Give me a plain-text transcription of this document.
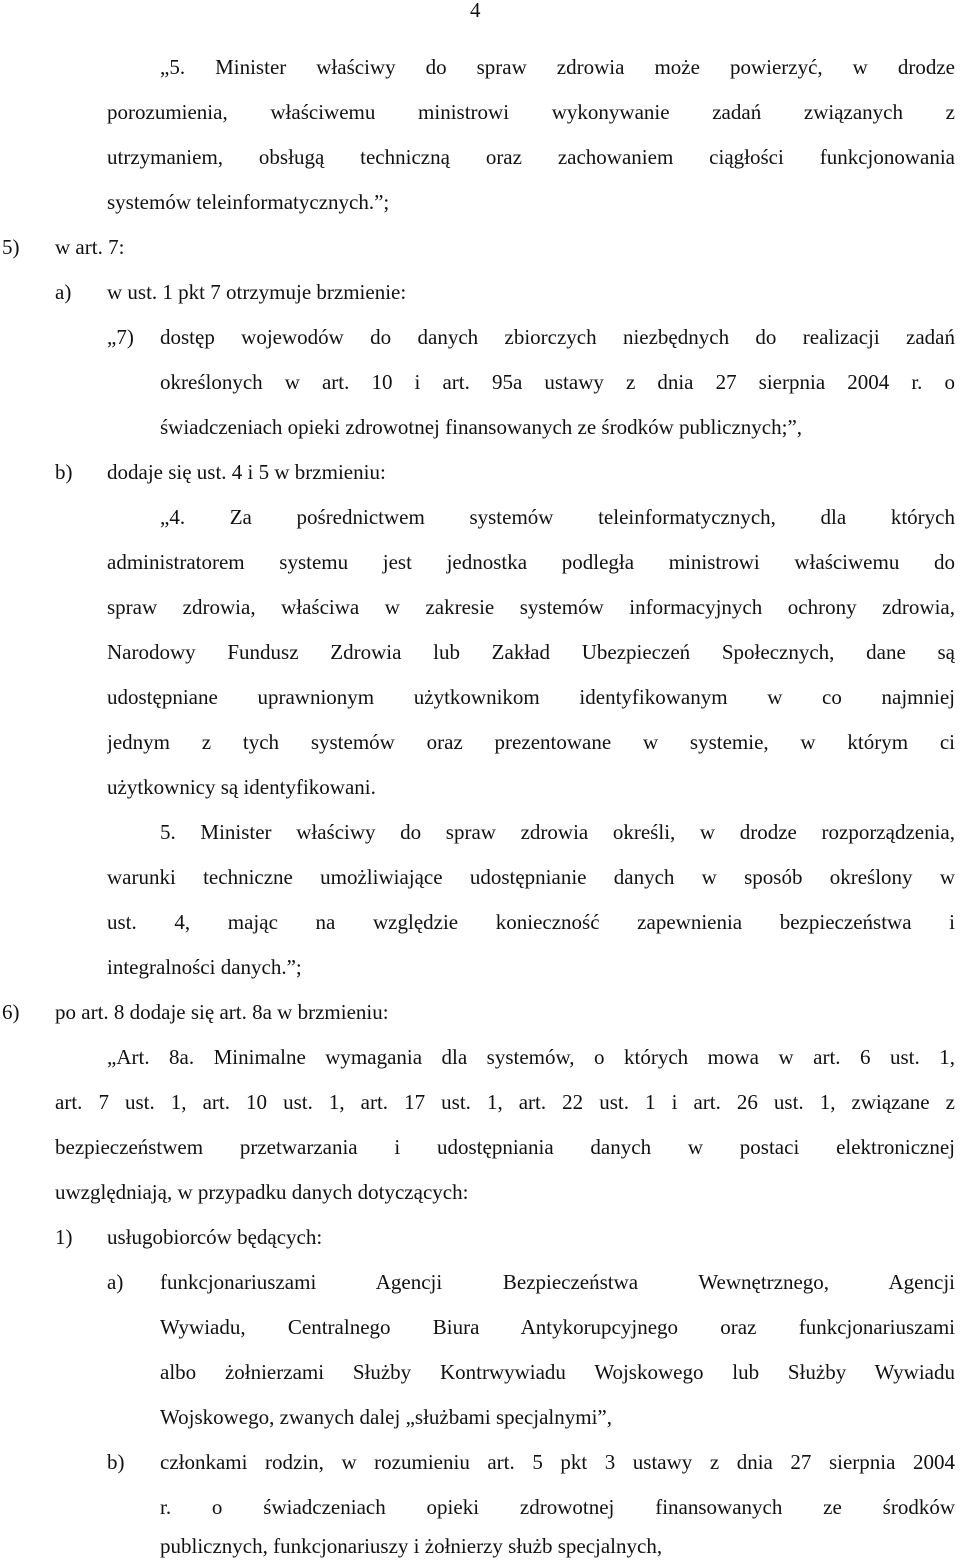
4
„5. Minister właściwy do spraw zdrowia może powierzyć, w drodze
porozumienia, właściwemu ministrowi wykonywanie zadań związanych z
utrzymaniem, obsługą techniczną oraz zachowaniem ciągłości funkcjonowania
systemów teleinformatycznych.”;
5) w art. 7:
a) w ust. 1 pkt 7 otrzymuje brzmienie:
„7) dostęp wojewodów do danych zbiorczych niezbędnych do realizacji zadań
określonych w art. 10 i art. 95a ustawy z dnia 27 sierpnia 2004 r. o
świadczeniach opieki zdrowotnej finansowanych ze środków publicznych;”,
b) dodaje się ust. 4 i 5 w brzmieniu:
„4. Za pośrednictwem systemów teleinformatycznych, dla których
administratorem systemu jest jednostka podległa ministrowi właściwemu do
spraw zdrowia, właściwa w zakresie systemów informacyjnych ochrony zdrowia,
Narodowy Fundusz Zdrowia lub Zakład Ubezpieczeń Społecznych, dane są
udostępniane uprawnionym użytkownikom identyfikowanym w co najmniej
jednym z tych systemów oraz prezentowane w systemie, w którym ci
użytkownicy są identyfikowani.
5. Minister właściwy do spraw zdrowia określi, w drodze rozporządzenia,
warunki techniczne umożliwiające udostępnianie danych w sposób określony w
ust. 4, mając na względzie konieczność zapewnienia bezpieczeństwa i
integralności danych.”;
6) po art. 8 dodaje się art. 8a w brzmieniu:
„Art. 8a. Minimalne wymagania dla systemów, o których mowa w art. 6 ust. 1,
art. 7 ust. 1, art. 10 ust. 1, art. 17 ust. 1, art. 22 ust. 1 i art. 26 ust. 1, związane z
bezpieczeństwem przetwarzania i udostępniania danych w postaci elektronicznej
uwzględniają, w przypadku danych dotyczących:
1) usługobiorców będących:
a) funkcjonariuszami Agencji Bezpieczeństwa Wewnętrznego, Agencji
Wywiadu, Centralnego Biura Antykorupcyjnego oraz funkcjonariuszami
albo żołnierzami Służby Kontrwywiadu Wojskowego lub Służby Wywiadu
Wojskowego, zwanych dalej „służbami specjalnymi”,
b) członkami rodzin, w rozumieniu art. 5 pkt 3 ustawy z dnia 27 sierpnia 2004
r. o świadczeniach opieki zdrowotnej finansowanych ze środków
publicznych, funkcjonariuszy i żołnierzy służb specjalnych,
